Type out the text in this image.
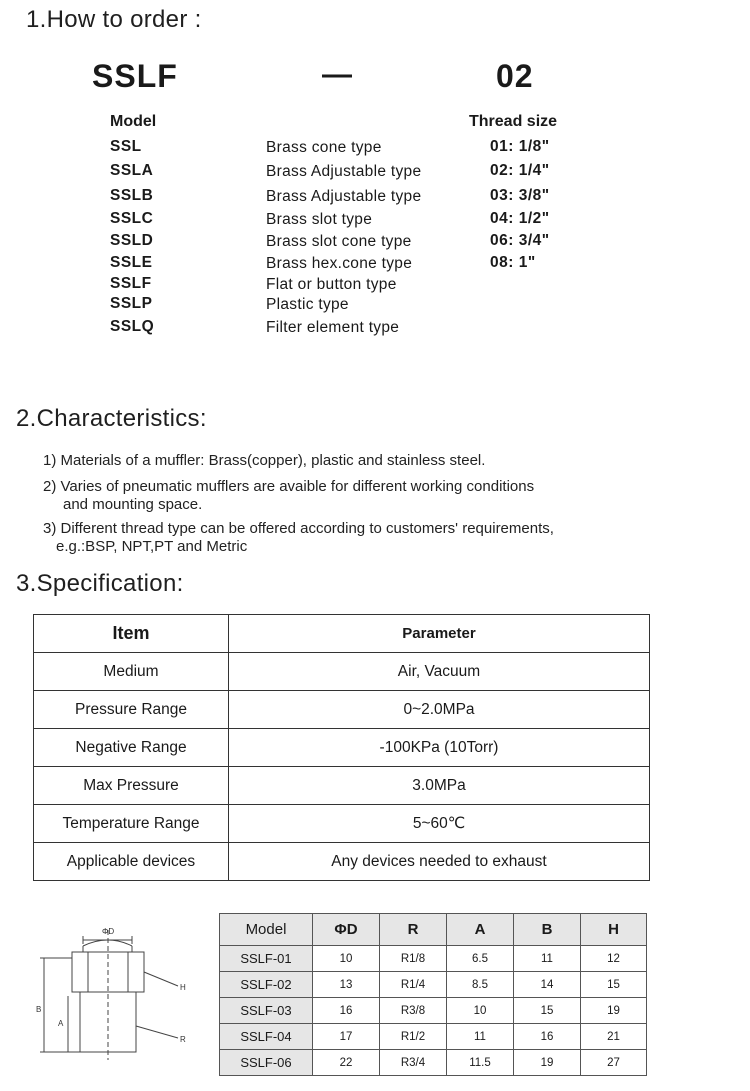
1.How to order :
SSLF	—	02
Model	Thread size
SSL	Brass cone type
SSLA	Brass Adjustable type
SSLB	Brass Adjustable type
SSLC	Brass slot type
SSLD	Brass slot cone type
SSLE	Brass hex.cone type
SSLF	Flat or button type
SSLP	Plastic type
SSLQ	Filter element type
01: 1/8"
02: 1/4"
03: 3/8"
04: 1/2"
06: 3/4"
08: 1"
2.Characteristics:
1) Materials of a muffler: Brass(copper), plastic and stainless steel.
2) Varies of pneumatic mufflers are avaible for different working conditions
and mounting space.
3) Different thread type can be offered according to customers' requirements,
e.g.:BSP, NPT,PT and Metric
3.Specification:
Item	Parameter
Medium	Air, Vacuum
Pressure Range	0~2.0MPa
Negative Range	-100KPa (10Torr)
Max Pressure	3.0MPa
Temperature Range	5~60℃
Applicable devices	Any devices needed to exhaust
ΦD
H
B
A
R
Model	ΦD	R	A	B	H
SSLF-01	10	R1/8	6.5	11	12
SSLF-02	13	R1/4	8.5	14	15
SSLF-03	16	R3/8	10	15	19
SSLF-04	17	R1/2	11	16	21
SSLF-06	22	R3/4	11.5	19	27
